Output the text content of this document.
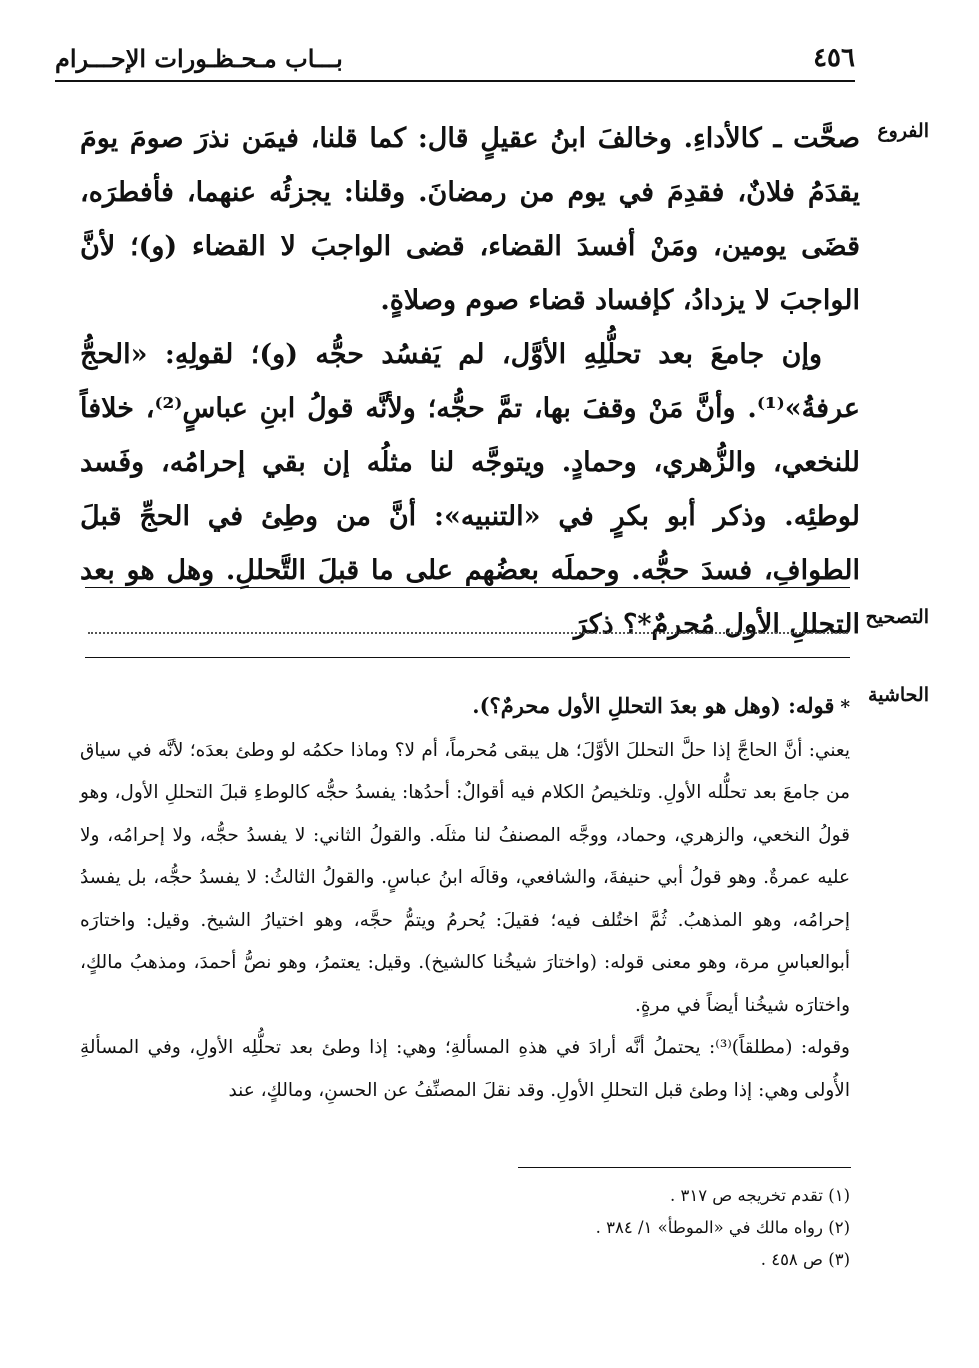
٤٥٦
بـــاب مـحـظـورات الإحـــرام
الفروع

صحَّت ـ كالأداءِ. وخالفَ ابنُ عقيلٍ قال: كما قلنا، فيمَن نذرَ صومَ يومَ يقدَمُ فلانٌ، فقدِمَ في يوم من رمضانَ. وقلنا: يجزئُه عنهما، فأفطرَه، قضَى يومين، ومَنْ أفسدَ القضاء، قضى الواجبَ لا القضاء (و)؛ لأنَّ الواجبَ لا يزدادُ، كإفساد قضاء صوم وصلاةٍ.

وإن جامعَ بعد تحلُّلِهِ الأوَّل، لم يَفسُد حجُّه (و)؛ لقولِهِ: «الحجُّ عرفةُ»⁽¹⁾. وأنَّ مَنْ وقفَ بها، تمَّ حجُّه؛ ولأنَّه قولُ ابنِ عباسٍ⁽²⁾، خلافاً للنخعي، والزُّهري، وحمادٍ. ويتوجَّه لنا مثلُه إن بقي إحرامُه، وفَسد لوطئِه. وذكر أبو بكرٍ في «التنبيه»: أنَّ من وطِئ في الحجِّ قبلَ الطوافِ، فسدَ حجُّه. وحملَه بعضُهم على ما قبلَ التَّحللِ. وهل هو بعد التحللِ الأول مُحرمٌ*؟ ذكرَ التصحيح
الحاشية

* قوله: (وهل هو بعدَ التحللِ الأول محرمٌ؟).

يعني: أنَّ الحاجَّ إذا حلَّ التحللَ الأوَّلَ؛ هل يبقى مُحرماً، أم لا؟ وماذا حكمُه لو وطئ بعدَه؛ لأنَّه في سياق من جامعَ بعد تحلُّله الأولِ. وتلخيصُ الكلام فيه أقوالٌ: أحدُها: يفسدُ حجُّه كالوطءِ قبلَ التحللِ الأول، وهو قولُ النخعي، والزهري، وحماد، ووجَّه المصنفُ لنا مثلَه. والقولُ الثاني: لا يفسدُ حجُّه، ولا إحرامُه، ولا عليه عمرةٌ. وهو قولُ أبي حنيفةَ، والشافعي، وقالَه ابنُ عباسٍ. والقولُ الثالثُ: لا يفسدُ حجُّه، بل يفسدُ إحرامُه، وهو المذهبُ. ثُمَّ اختُلف فيه؛ فقيلَ: يُحرمُ ويتمُّ حجَّه، وهو اختيارُ الشيخ. وقيل: واختارَه أبوالعباسِ مرة، وهو معنى قوله: (واختارَ شيخُنا كالشيخ). وقيل: يعتمرُ، وهو نصُّ أحمدَ، ومذهبُ مالكٍ، واختارَه شيخُنا أيضاً في مرةٍ.

وقوله: (مطلقاً)⁽³⁾: يحتملُ أنَّه أرادَ في هذهِ المسألةِ؛ وهي: إذا وطئ بعد تحلُّلِه الأولِ، وفي المسألةِ الأُولى وهي: إذا وطئ قبل التحللِ الأولِ. وقد نقلَ المصنِّفُ عن الحسنِ، ومالكٍ، عند

(١) تقدم تخريجه ص ٣١٧ .
(٢) رواه مالك في «الموطأ» ١/ ٣٨٤ .
(٣) ص ٤٥٨ .
